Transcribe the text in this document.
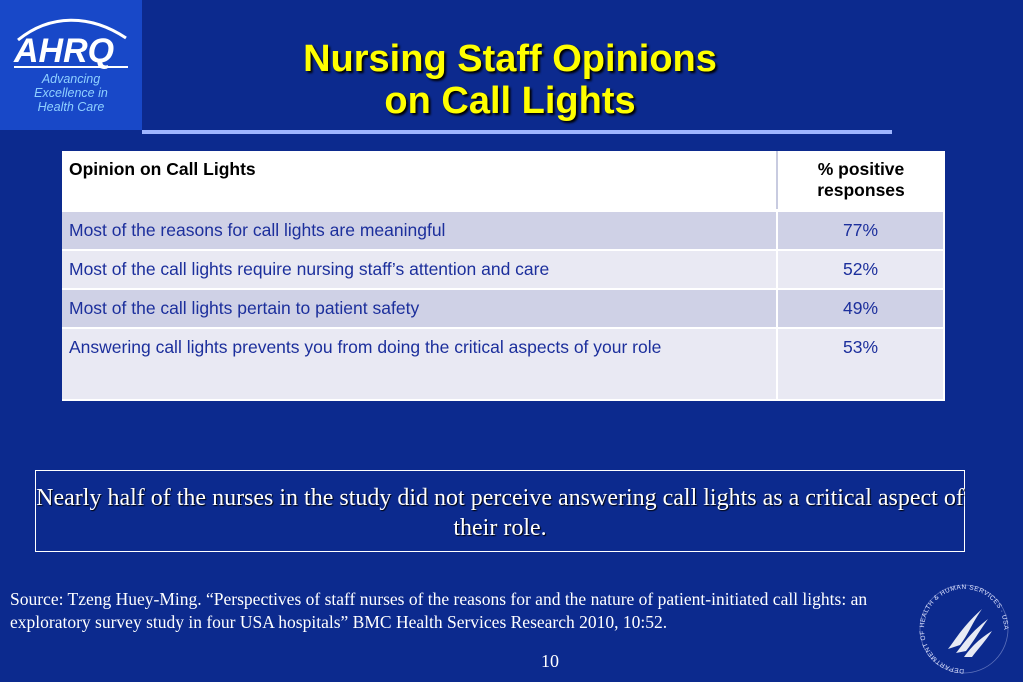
AHRQ
Advancing
Excellence in
Health Care
Nursing Staff Opinions
on Call Lights
Opinion on Call Lights	% positive responses
Most of the reasons for call lights are meaningful	77%
Most of the call lights require nursing staff’s attention and care	52%
Most of the call lights pertain to patient safety	49%
Answering call lights prevents you from doing the critical aspects of your role	53%
Nearly half of the nurses in the study did not perceive answering call lights as a critical aspect of their role.
Source: Tzeng Huey-Ming. “Perspectives of staff nurses of the reasons for and the nature of patient-initiated call lights: an exploratory survey study in four USA hospitals” BMC Health Services Research 2010, 10:52.
10	DEPARTMENT OF HEALTH & HUMAN SERVICES · USA
